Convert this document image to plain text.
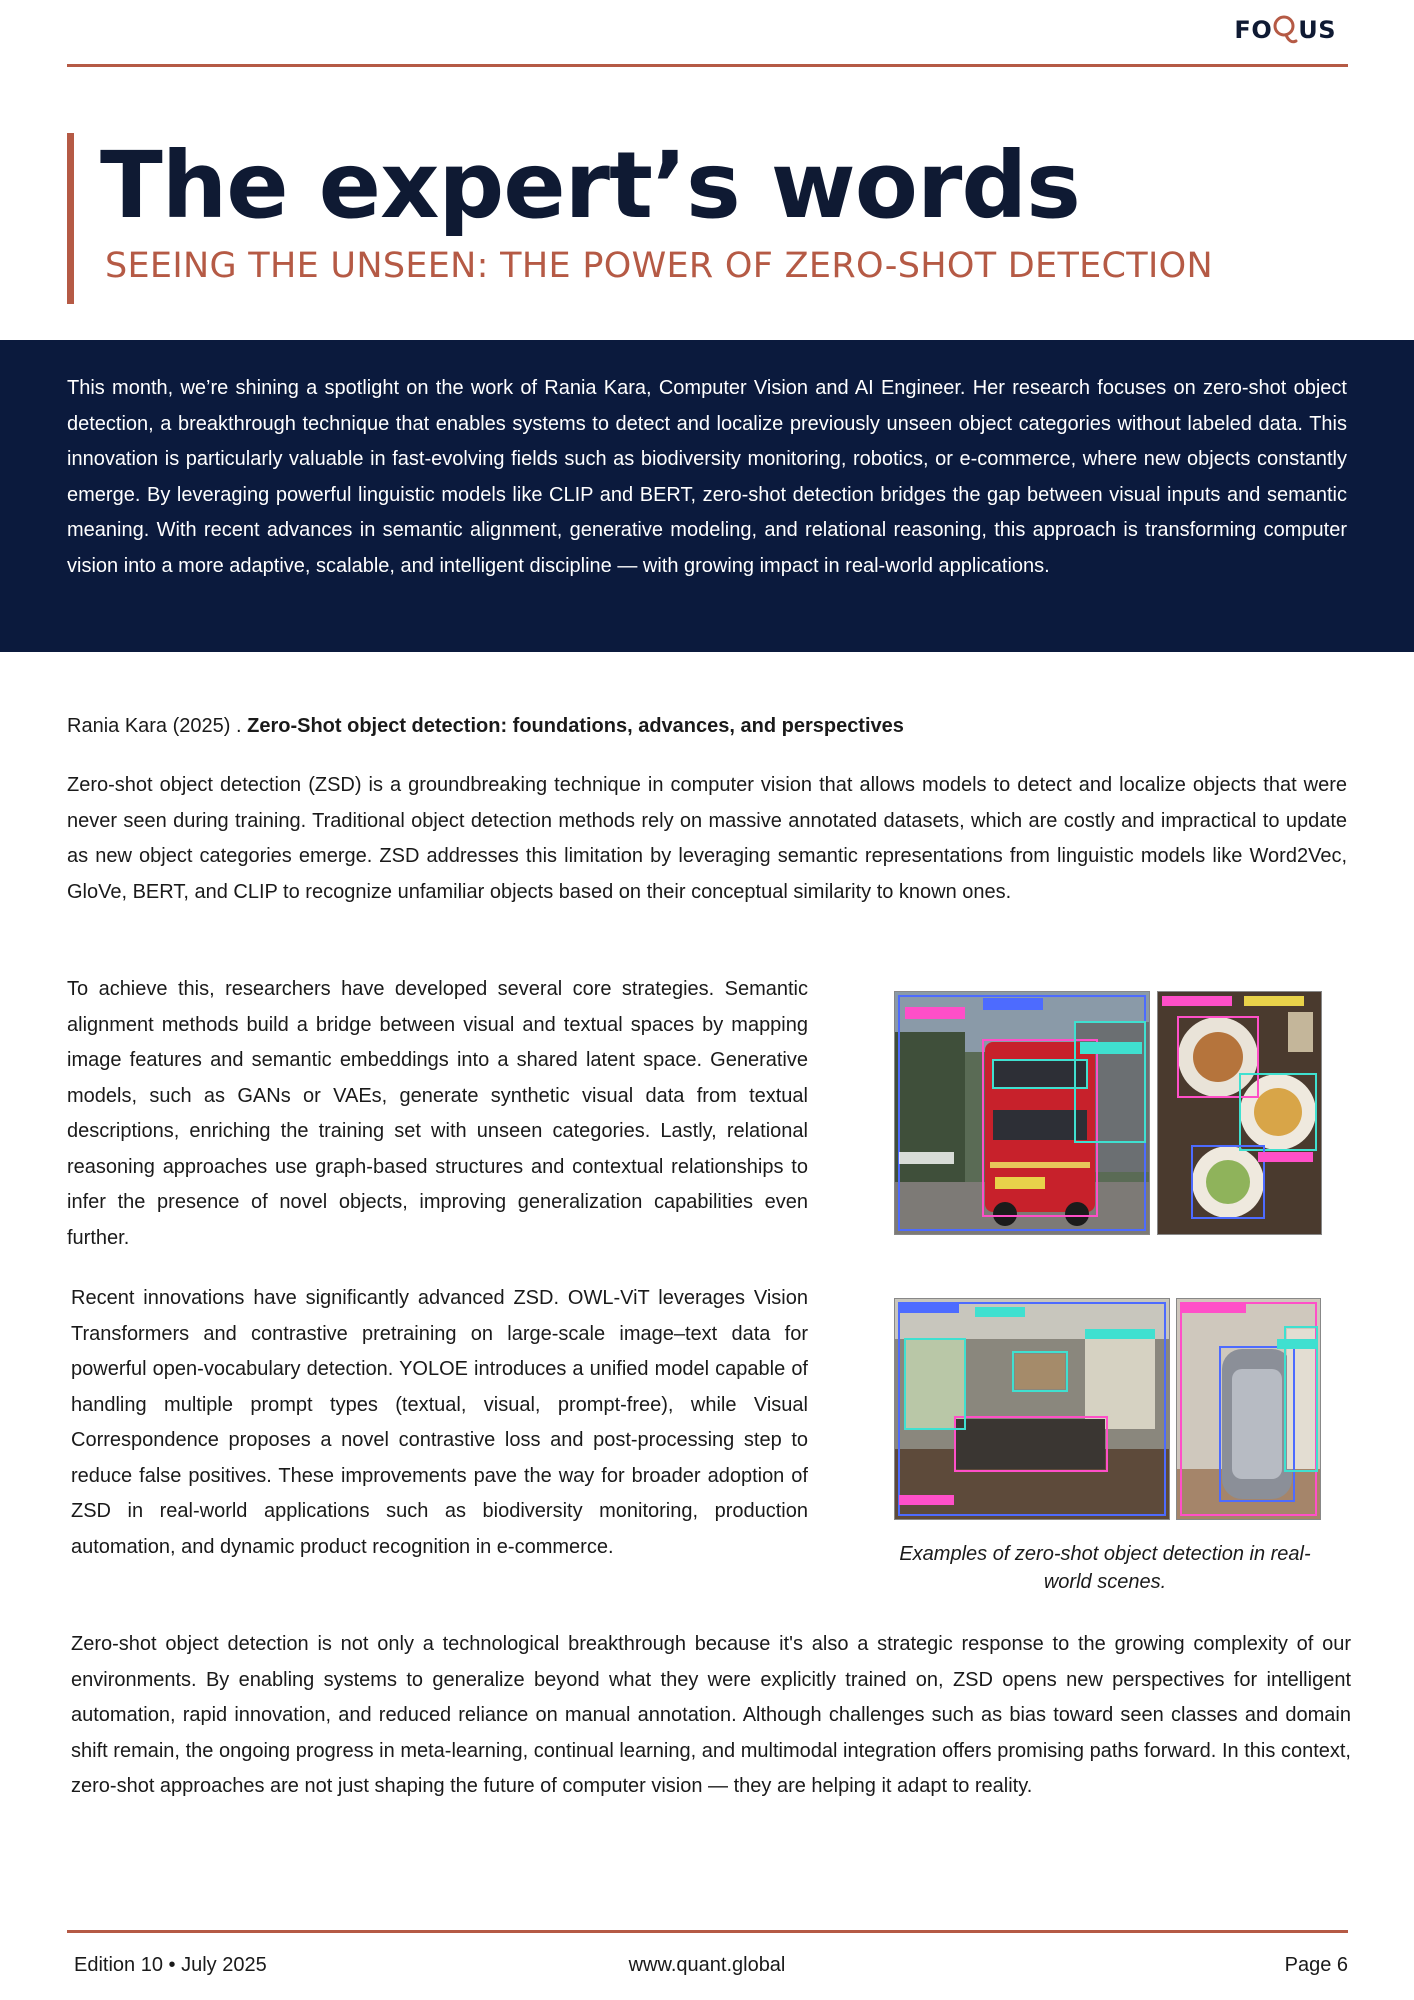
FO US
The expert’s words
SEEING THE UNSEEN: THE POWER OF ZERO-SHOT DETECTION

This month, we’re shining a spotlight on the work of Rania Kara, Computer Vision and AI Engineer. Her research focuses on zero-shot object detection, a breakthrough technique that enables systems to detect and localize previously unseen object categories without labeled data. This innovation is particularly valuable in fast-evolving fields such as biodiversity monitoring, robotics, or e-commerce, where new objects constantly emerge. By leveraging powerful linguistic models like CLIP and BERT, zero-shot detection bridges the gap between visual inputs and semantic meaning. With recent advances in semantic alignment, generative modeling, and relational reasoning, this approach is transforming computer vision into a more adaptive, scalable, and intelligent discipline — with growing impact in real-world applications.

Rania Kara (2025) . Zero-Shot object detection: foundations, advances, and perspectives

Zero-shot object detection (ZSD) is a groundbreaking technique in computer vision that allows models to detect and localize objects that were never seen during training. Traditional object detection methods rely on massive annotated datasets, which are costly and impractical to update as new object categories emerge. ZSD addresses this limitation by leveraging semantic representations from linguistic models like Word2Vec, GloVe, BERT, and CLIP to recognize unfamiliar objects based on their conceptual similarity to known ones.

To achieve this, researchers have developed several core strategies. Semantic alignment methods build a bridge between visual and textual spaces by mapping image features and semantic embeddings into a shared latent space. Generative models, such as GANs or VAEs, generate synthetic visual data from textual descriptions, enriching the training set with unseen categories. Lastly, relational reasoning approaches use graph-based structures and contextual relationships to infer the presence of novel objects, improving generalization capabilities even further.

Recent innovations have significantly advanced ZSD. OWL-ViT leverages Vision Transformers and contrastive pretraining on large-scale image–text data for powerful open-vocabulary detection. YOLOE introduces a unified model capable of handling multiple prompt types (textual, visual, prompt-free), while Visual Correspondence proposes a novel contrastive loss and post-processing step to reduce false positives. These improvements pave the way for broader adoption of ZSD in real-world applications such as biodiversity monitoring, production automation, and dynamic product recognition in e-commerce.	Examples of zero-shot object detection in real-world scenes.

Zero-shot object detection is not only a technological breakthrough because it's also a strategic response to the growing complexity of our environments. By enabling systems to generalize beyond what they were explicitly trained on, ZSD opens new perspectives for intelligent automation, rapid innovation, and reduced reliance on manual annotation. Although challenges such as bias toward seen classes and domain shift remain, the ongoing progress in meta-learning, continual learning, and multimodal integration offers promising paths forward. In this context, zero-shot approaches are not just shaping the future of computer vision — they are helping it adapt to reality.

Edition 10 • July 2025	www.quant.global	Page 6
